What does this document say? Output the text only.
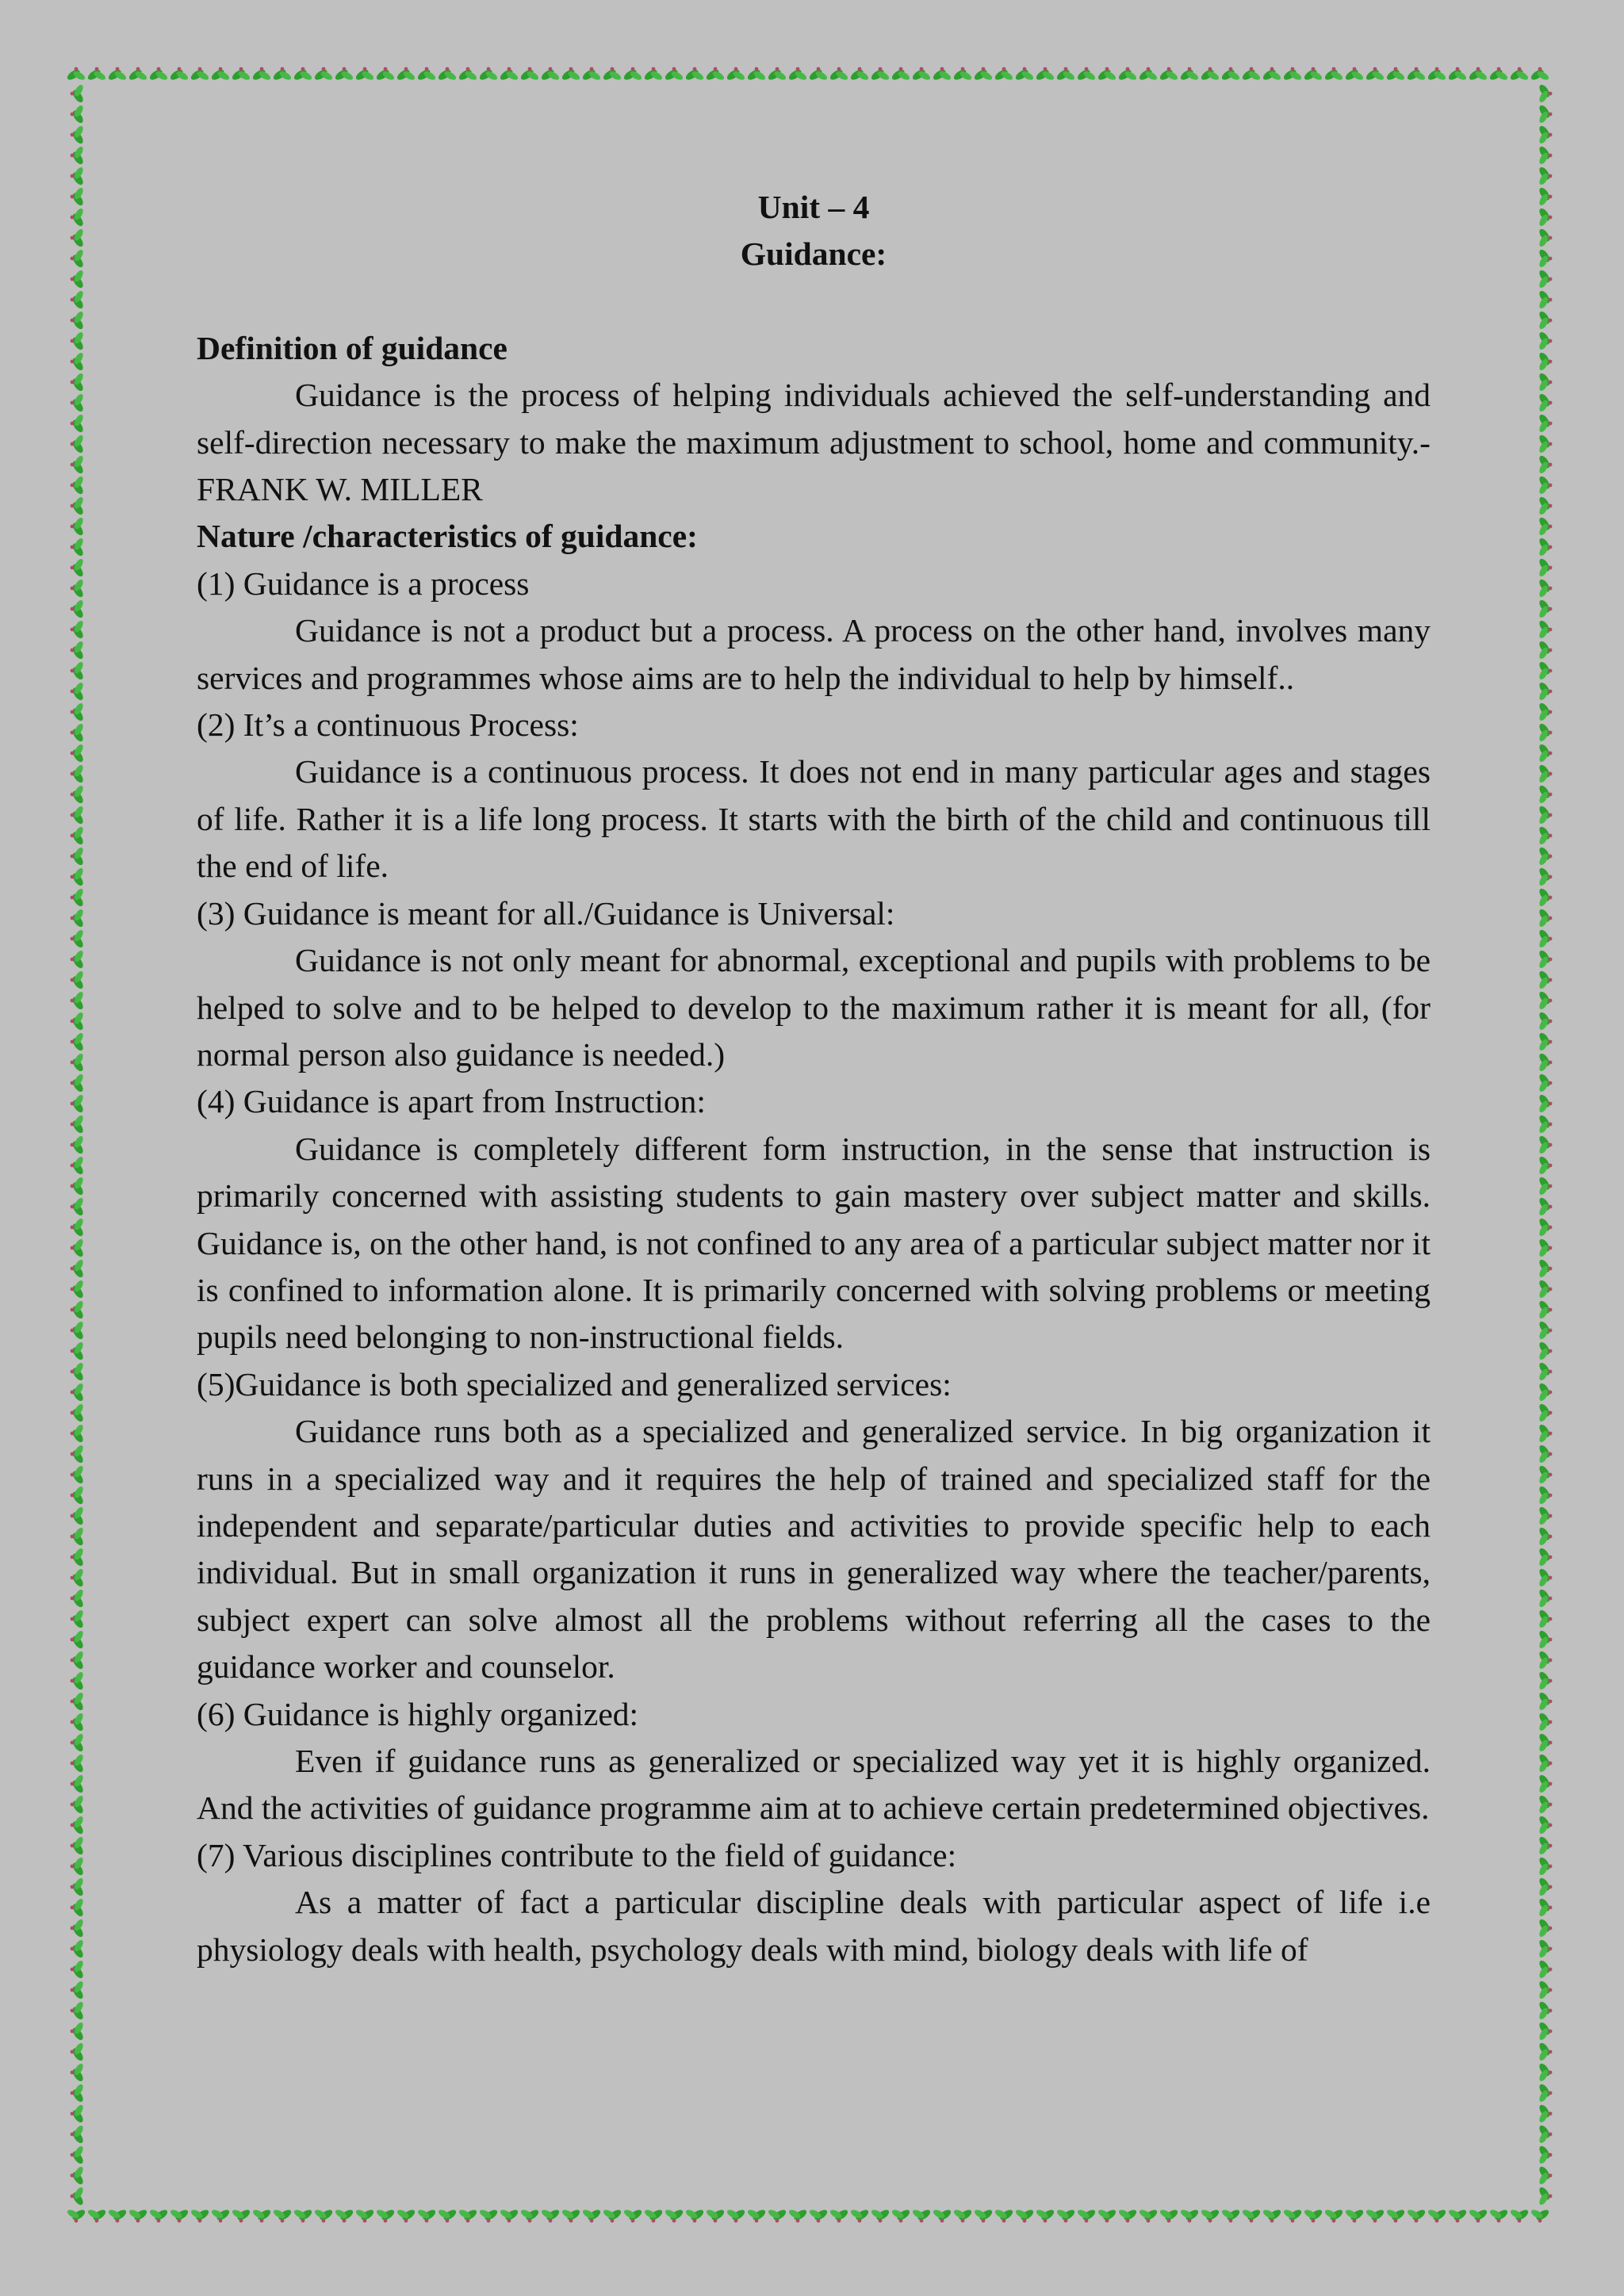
Unit – 4

Guidance:

Definition of guidance

Guidance is the process of helping individuals achieved the self-understanding and self-direction necessary to make the maximum adjustment to school, home and community.-FRANK W. MILLER

Nature /characteristics of guidance:

(1) Guidance is a process

Guidance is not a product but a process. A process on the other hand, involves many services and programmes whose aims are to help the individual to help by himself..

(2) It’s a continuous Process:

Guidance is a continuous process. It does not end in many particular ages and stages of life. Rather it is a life long process. It starts with the birth of the child and continuous till the end of life.

(3) Guidance is meant for all./Guidance is Universal:

Guidance is not only meant for abnormal, exceptional and pupils with problems to be helped to solve and to be helped to develop to the maximum rather it is meant for all, (for normal person also guidance is needed.)

(4) Guidance is apart from Instruction:

Guidance is completely different form instruction, in the sense that instruction is primarily concerned with assisting students to gain mastery over subject matter and skills. Guidance is, on the other hand, is not confined to any area of a particular subject matter nor it is confined to information alone. It is primarily concerned with solving problems or meeting pupils need belonging to non-instructional fields.

(5)Guidance is both specialized and generalized services:

Guidance runs both as a specialized and generalized service. In big organization it runs in a specialized way and it requires the help of trained and specialized staff for the independent and separate/particular duties and activities to provide specific help to each individual. But in small organization it runs in generalized way where the teacher/parents, subject expert can solve almost all the problems without referring all the cases to the guidance worker and counselor.

(6) Guidance is highly organized:

Even if guidance runs as generalized or specialized way yet it is highly organized. And the activities of guidance programme aim at to achieve certain predetermined objectives.

(7) Various disciplines contribute to the field of guidance:

As a matter of fact a particular discipline deals with particular aspect of life i.e physiology deals with health, psychology deals with mind, biology deals with life of
